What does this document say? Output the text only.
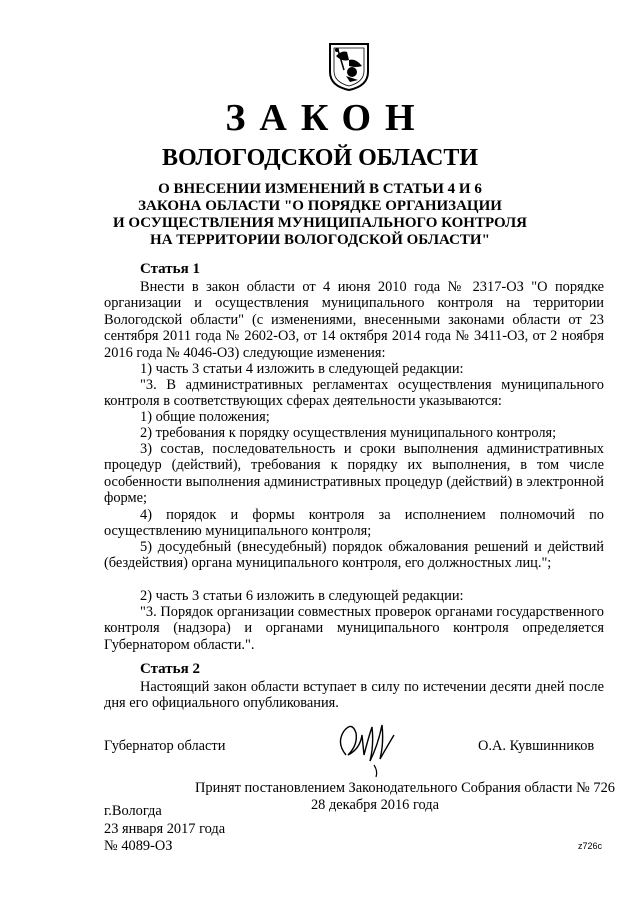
ЗАКОН
ВОЛОГОДСКОЙ ОБЛАСТИ
О ВНЕСЕНИИ ИЗМЕНЕНИЙ В СТАТЬИ 4 И 6
ЗАКОНА ОБЛАСТИ "О ПОРЯДКЕ ОРГАНИЗАЦИИ
И ОСУЩЕСТВЛЕНИЯ МУНИЦИПАЛЬНОГО КОНТРОЛЯ
НА ТЕРРИТОРИИ ВОЛОГОДСКОЙ ОБЛАСТИ"
Статья 1
Внести в закон области от 4 июня 2010 года № 2317-ОЗ "О порядке организации и осуществления муниципального контроля на территории Вологодской области" (с изменениями, внесенными законами области от 23 сентября 2011 года № 2602-ОЗ, от 14 октября 2014 года № 3411-ОЗ, от 2 ноября 2016 года № 4046-ОЗ) следующие изменения:
1) часть 3 статьи 4 изложить в следующей редакции:
"3. В административных регламентах осуществления муниципального контроля в соответствующих сферах деятельности указываются:
1) общие положения;
2) требования к порядку осуществления муниципального контроля;
3) состав, последовательность и сроки выполнения административных процедур (действий), требования к порядку их выполнения, в том числе особенности выполнения административных процедур (действий) в электронной форме;
4) порядок и формы контроля за исполнением полномочий по осуществлению муниципального контроля;
5) досудебный (внесудебный) порядок обжалования решений и действий (бездействия) органа муниципального контроля, его должностных лиц.";
2) часть 3 статьи 6 изложить в следующей редакции:
"3. Порядок организации совместных проверок органами государственного контроля (надзора) и органами муниципального контроля определяется Губернатором области.".
Статья 2
Настоящий закон области вступает в силу по истечении десяти дней после дня его официального опубликования.
Губернатор области	О.А. Кувшинников
Принят постановлением Законодательного Собрания области № 726
28 декабря 2016 года
г.Вологда
23 января 2017 года
№ 4089-ОЗ	z726c
